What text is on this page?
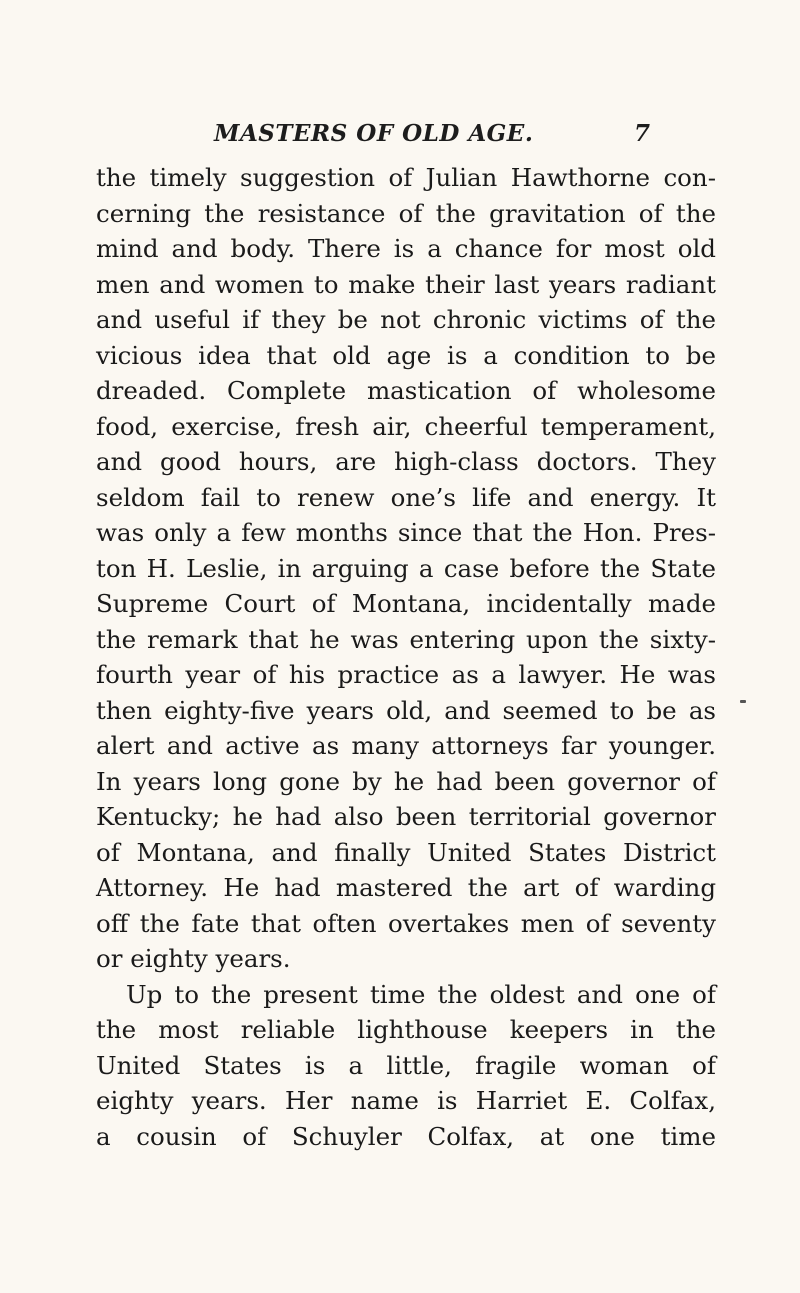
MASTERS OF OLD AGE.	7
the timely suggestion of Julian Hawthorne con-
cerning the resistance of the gravitation of the
mind and body. There is a chance for most old
men and women to make their last years radiant
and useful if they be not chronic victims of the
vicious idea that old age is a condition to be
dreaded. Complete mastication of wholesome
food, exercise, fresh air, cheerful temperament,
and good hours, are high-class doctors. They
seldom fail to renew one’s life and energy. It
was only a few months since that the Hon. Pres-
ton H. Leslie, in arguing a case before the State
Supreme Court of Montana, incidentally made
the remark that he was entering upon the sixty-
fourth year of his practice as a lawyer. He was
then eighty-five years old, and seemed to be as
alert and active as many attorneys far younger.
In years long gone by he had been governor of
Kentucky; he had also been territorial governor
of Montana, and finally United States District
Attorney. He had mastered the art of warding
off the fate that often overtakes men of seventy
or eighty years.
Up to the present time the oldest and one of
the most reliable lighthouse keepers in the
United States is a little, fragile woman of
eighty years. Her name is Harriet E. Colfax,
a cousin of Schuyler Colfax, at one time
